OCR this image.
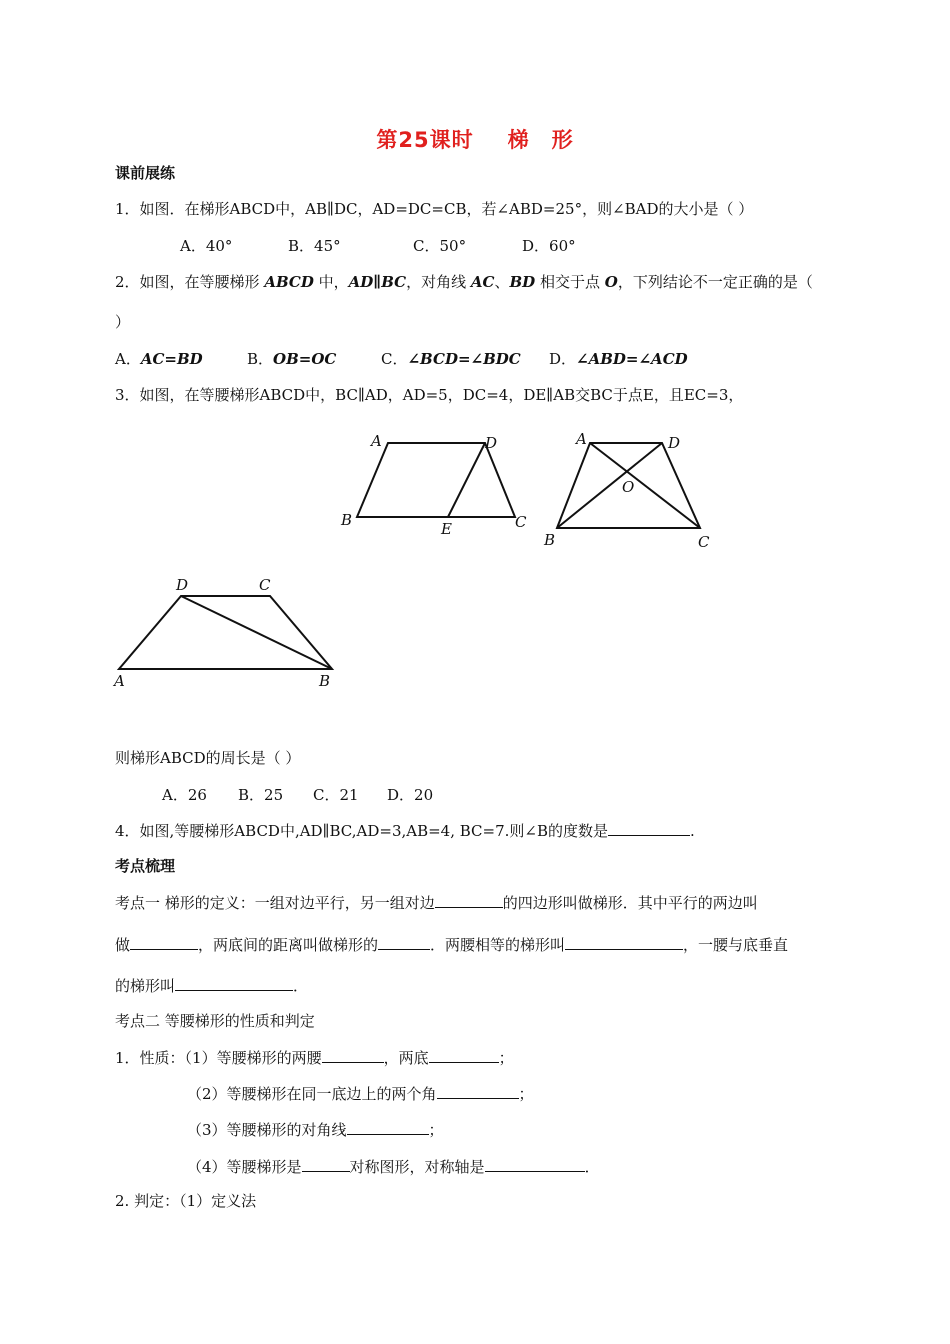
第25课时 梯 形
课前展练
1．如图．在梯形ABCD中，AB∥DC，AD=DC=CB，若∠ABD=25°，则∠BAD的大小是（ ）
A．40°	B．45°	C．50°	D．60°
2．如图，在等腰梯形 ABCD 中，AD∥BC，对角线 AC、BD 相交于点 O，下列结论不一定正确的是（
）
A．AC=BD	B．OB=OC	C．∠BCD=∠BDC D．∠ABD=∠ACD
3．如图，在等腰梯形ABCD中，BC∥AD，AD=5，DC=4，DE∥AB交BC于点E，且EC=3，
A	D
B	E	C
A	D
O
B	C
D	C
A	B
则梯形ABCD的周长是（ ）
A．26 B．25 C．21 D．20
4．如图,等腰梯形ABCD中,AD∥BC,AD=3,AB=4, BC=7.则∠B的度数是	.
考点梳理
考点一 梯形的定义：一组对边平行，另一组对边	的四边形叫做梯形．其中平行的两边叫
做	，两底间的距离叫做梯形的	．两腰相等的梯形叫	，一腰与底垂直
的梯形叫	．
考点二 等腰梯形的性质和判定
1．性质：（1）等腰梯形的两腰	，两底	；
（2）等腰梯形在同一底边上的两个角	；
（3）等腰梯形的对角线	；
（4）等腰梯形是	对称图形，对称轴是	．
2. 判定：（1）定义法
